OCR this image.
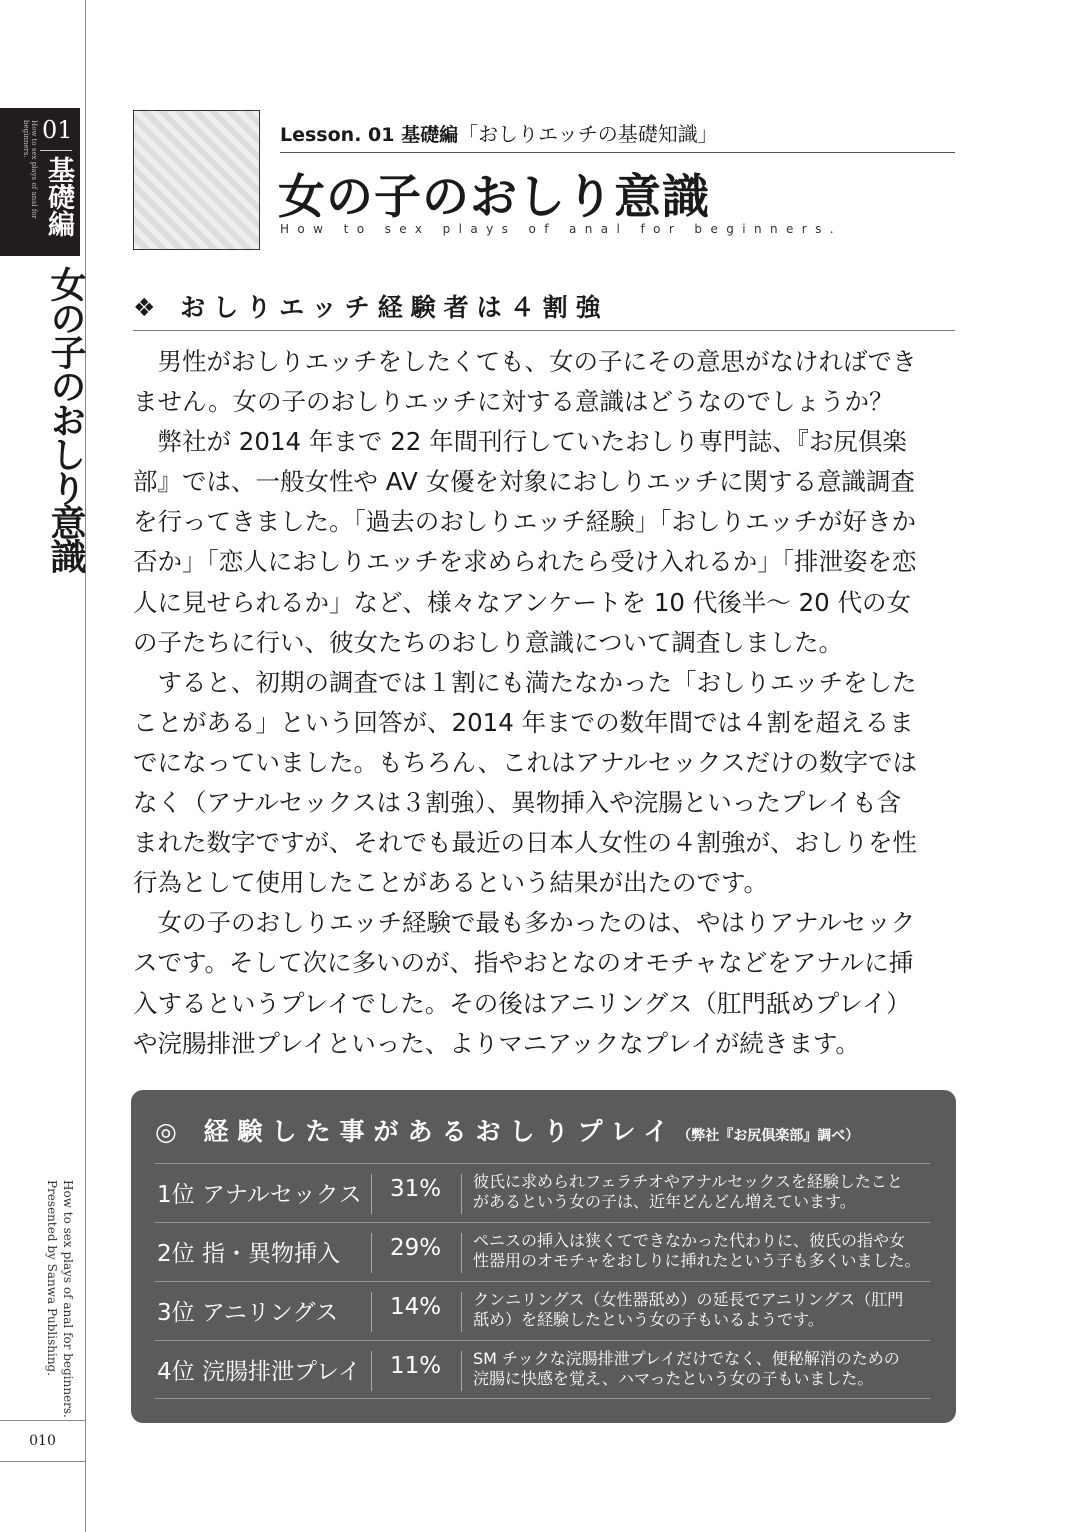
How to sex plays of anal for beginners. 01
基礎編
女の子のおしり意識
How to sex plays of anal for beginners. Presented by Sanwa Publishing.
010
Lesson. 01 基礎編「おしりエッチの基礎知識」
女の子のおしり意識
How to sex plays of anal for beginners.
❖ おしりエッチ経験者は４割強
　男性がおしりエッチをしたくても、女の子にその意思がなければでき
ません。女の子のおしりエッチに対する意識はどうなのでしょうか？
　弊社が 2014 年まで 22 年間刊行していたおしり専門誌、『お尻倶楽
部』では、一般女性や AV 女優を対象におしりエッチに関する意識調査
を行ってきました。「過去のおしりエッチ経験」「おしりエッチが好きか
否か」「恋人におしりエッチを求められたら受け入れるか」「排泄姿を恋
人に見せられるか」など、様々なアンケートを 10 代後半〜 20 代の女
の子たちに行い、彼女たちのおしり意識について調査しました。
　すると、初期の調査では１割にも満たなかった「おしりエッチをした
ことがある」という回答が、2014 年までの数年間では４割を超えるま
でになっていました。もちろん、これはアナルセックスだけの数字では
なく（アナルセックスは３割強）、異物挿入や浣腸といったプレイも含
まれた数字ですが、それでも最近の日本人女性の４割強が、おしりを性
行為として使用したことがあるという結果が出たのです。
　女の子のおしりエッチ経験で最も多かったのは、やはりアナルセック
スです。そして次に多いのが、指やおとなのオモチャなどをアナルに挿
入するというプレイでした。その後はアニリングス（肛門舐めプレイ）
や浣腸排泄プレイといった、よりマニアックなプレイが続きます。
◎ 経験した事があるおしりプレイ（弊社『お尻倶楽部』調べ）
1位 アナルセックス 31% 彼氏に求められフェラチオやアナルセックスを経験したこと
があるという女の子は、近年どんどん増えています。
2位 指・異物挿入 29% ペニスの挿入は狭くてできなかった代わりに、彼氏の指や女
性器用のオモチャをおしりに挿れたという子も多くいました。
3位 アニリングス 14% クンニリングス（女性器舐め）の延長でアニリングス（肛門
舐め）を経験したという女の子もいるようです。
4位 浣腸排泄プレイ 11% SM チックな浣腸排泄プレイだけでなく、便秘解消のための
浣腸に快感を覚え、ハマったという女の子もいました。
